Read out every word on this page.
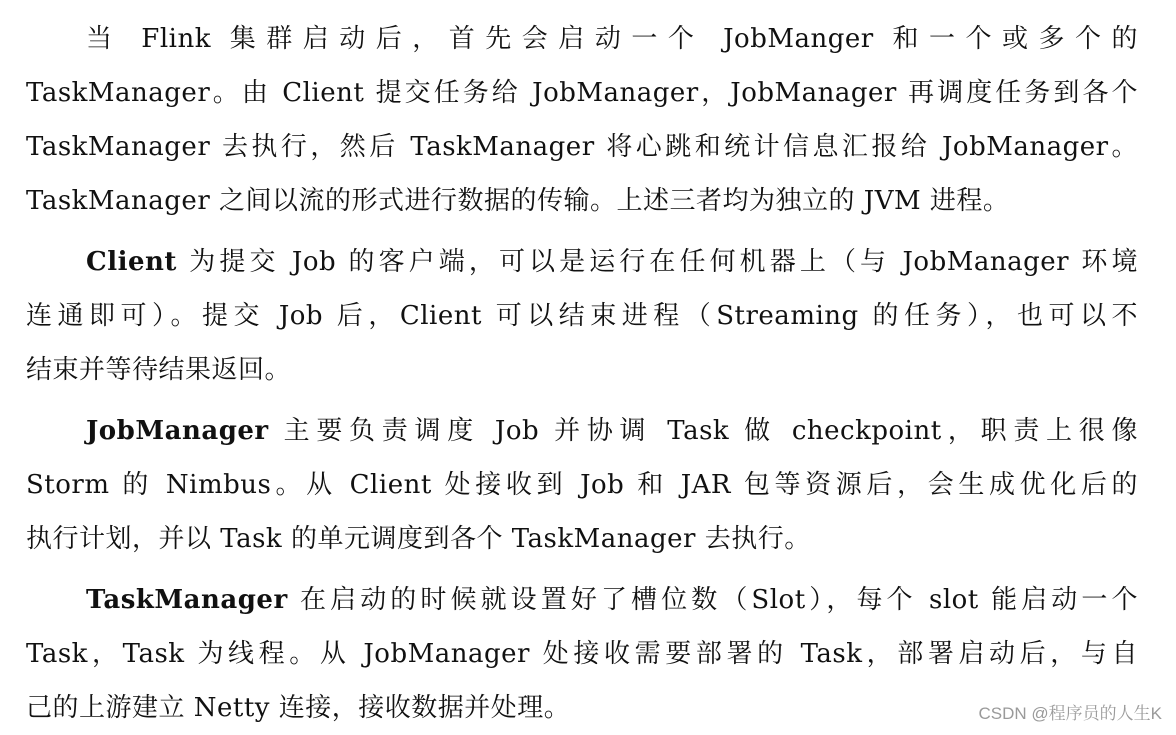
当 Flink 集群启动后，首先会启动一个 JobManger 和一个或多个的
TaskManager。由 Client 提交任务给 JobManager，JobManager 再调度任务到各个
TaskManager 去执行，然后 TaskManager 将心跳和统计信息汇报给 JobManager。
TaskManager 之间以流的形式进行数据的传输。上述三者均为独立的 JVM 进程。
Client 为提交 Job 的客户端，可以是运行在任何机器上（与 JobManager 环境
连通即可）。提交 Job 后，Client 可以结束进程（Streaming 的任务），也可以不
结束并等待结果返回。
JobManager 主要负责调度 Job 并协调 Task 做 checkpoint，职责上很像
Storm 的 Nimbus。从 Client 处接收到 Job 和 JAR 包等资源后，会生成优化后的
执行计划，并以 Task 的单元调度到各个 TaskManager 去执行。
TaskManager 在启动的时候就设置好了槽位数（Slot），每个 slot 能启动一个
Task，Task 为线程。从 JobManager 处接收需要部署的 Task，部署启动后，与自
己的上游建立 Netty 连接，接收数据并处理。	CSDN @程序员的人生K
